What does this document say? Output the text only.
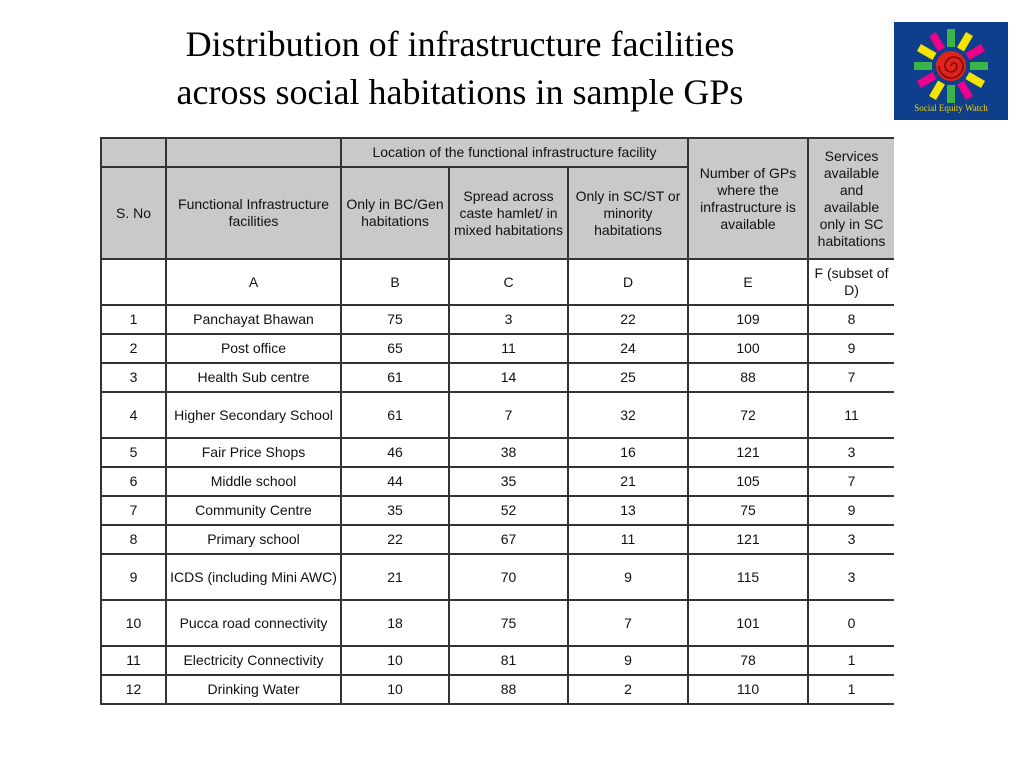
Distribution of infrastructure facilities
across social habitations in sample GPs	Social Equity Watch
		Location of the functional infrastructure facility			Number of GPs where the infrastructure is available	Services available and available only in SC habitations
S. No	Functional Infrastructure facilities	Only in BC/Gen habitations	Spread across caste hamlet/ in mixed habitations	Only in SC/ST or minority habitations		
	A	B	C	D	E	F (subset of D)
1	Panchayat Bhawan	75	3	22	109	8
2	Post office	65	11	24	100	9
3	Health Sub centre	61	14	25	88	7
4	Higher Secondary School	61	7	32	72	11
5	Fair Price Shops	46	38	16	121	3
6	Middle school	44	35	21	105	7
7	Community Centre	35	52	13	75	9
8	Primary school	22	67	11	121	3
9	ICDS (including Mini AWC)	21	70	9	115	3
10	Pucca road connectivity	18	75	7	101	0
11	Electricity Connectivity	10	81	9	78	1
12	Drinking Water	10	88	2	110	1
